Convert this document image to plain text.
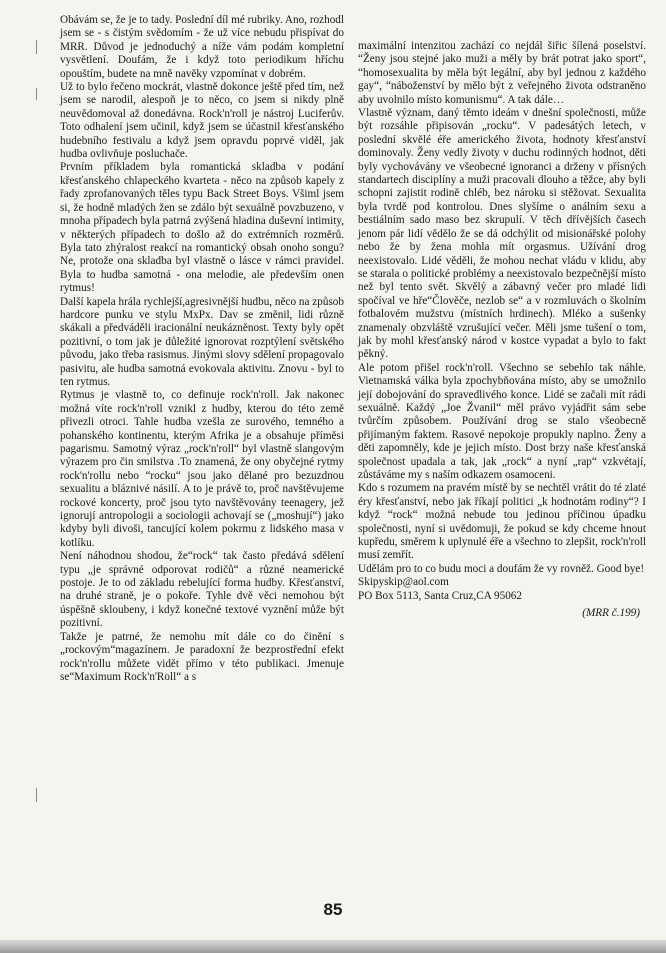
Obávám se, že je to tady. Poslední díl mé rubriky. Ano, rozhodl jsem se - s čistým svědomím - že už více nebudu přispívat do MRR. Důvod je jednoduchý a níže vám podám kompletní vysvětlení. Doufám, že i když toto periodikum hříchu opouštím, budete na mně navěky vzpomínat v dobrém.

Už to bylo řečeno mockrát, vlastně dokonce ještě před tím, než jsem se narodil, alespoň je to něco, co jsem si nikdy plně neuvědomoval až donedávna. Rock'n'roll je nástroj Luciferův. Toto odhalení jsem učinil, když jsem se účastnil křesťanského hudebního festivalu a když jsem opravdu poprvé viděl, jak hudba ovlivňuje posluchače.

Prvním příkladem byla romantická skladba v podání křesťanského chlapeckého kvarteta - něco na způsob kapely z řady zprofanovaných těles typu Back Street Boys. Všiml jsem si, že hodně mladých žen se zdálo být sexuálně povzbuzeno, v mnoha případech byla patrná zvýšená hladina duševní intimity, v některých případech to došlo až do extrémních rozměrů. Byla tato zhýralost reakcí na romantický obsah onoho songu? Ne, protože ona skladba byl vlastně o lásce v rámci pravidel. Byla to hudba samotná - ona melodie, ale především onen rytmus!

Další kapela hrála rychlejší,agresivnější hudbu, něco na způsob hardcore punku ve stylu MxPx. Dav se změnil, lidi různě skákali a předváděli iracionální neukázněnost. Texty byly opět pozitivní, o tom jak je důležité ignorovat rozptýlení světského původu, jako třeba rasismus. Jinými slovy sdělení propagovalo pasivitu, ale hudba samotná evokovala aktivitu. Znovu - byl to ten rytmus.

Rytmus je vlastně to, co definuje rock'n'roll. Jak nakonec možná víte rock'n'roll vznikl z hudby, kterou do této země přivezli otroci. Tahle hudba vzešla ze surového, temného a pohanského kontinentu, kterým Afrika je a obsahuje příměsi pagarismu. Samotný výraz „rock'n'roll“ byl vlastně slangovým výrazem pro čin smilstva .To znamená, že ony obyčejné rytmy rock'n'rollu nebo “rocku“ jsou jako dělané pro bezuzdnou sexualitu a bláznivé násilí. A to je právě to, proč navštěvujeme rockové koncerty, proč jsou tyto navštěvovány teenagery, jež ignorují antropologii a sociologii achovají se („moshují“) jako kdyby byli divoši, tancující kolem pokrmu z lidského masa v kotlíku.

Není náhodnou shodou, že“rock“ tak často předává sdělení typu „je správné odporovat rodičů“ a různé neamerické postoje. Je to od základu rebelující forma hudby. Křesťanství, na druhé straně, je o pokoře. Tyhle dvě věci nemohou být úspěšně skloubeny, i když konečné textové vyznění může být pozitivní.

Takže je patrné, že nemohu mít dále co do činění s „rockovým“magazínem. Je paradoxní že bezprostřední efekt rock'n'rollu můžete vidět přímo v této publikaci. Jmenuje se“Maximum Rock'n'Roll“ a s

maximální intenzitou zachází co nejdál šiřic šílená poselství. “Ženy jsou stejné jako muži a měly by brát potrat jako sport“, “homosexualita by měla být legální, aby byl jednou z každého gay“, “náboženství by mělo být z veřejného života odstraněno aby uvolnilo místo komunismu“. A tak dále…

Vlastně význam, daný těmto ideám v dnešní společnosti, může být rozsáhle připisován „rocku“. V padesátých letech, v poslední skvělé éře amerického života, hodnoty křesťanství dominovaly. Ženy vedly životy v duchu rodinných hodnot, děti byly vychovávány ve všeobecné ignoranci a drženy v přísných standartech disciplíny a muži pracovali dlouho a těžce, aby byli schopni zajistit rodině chléb, bez nároku si stěžovat. Sexualita byla tvrdě pod kontrolou. Dnes slyšíme o análním sexu a bestiálním sado maso bez skrupulí. V těch dřívějších časech jenom pár lidí vědělo že se dá odchýlit od misionářské polohy nebo že by žena mohla mít orgasmus. Užívání drog neexistovalo. Lidé věděli, že mohou nechat vládu v klidu, aby se starala o politické problémy a neexistovalo bezpečnější místo než byl tento svět. Skvělý a zábavný večer pro mladé lidi spočíval ve hře“Člověče, nezlob se“ a v rozmluvách o školním fotbalovém mužstvu (místních hrdinech). Mléko a sušenky znamenaly obzvláště vzrušující večer. Měli jsme tušení o tom, jak by mohl křesťanský národ v kostce vypadat a bylo to fakt pěkný.

Ale potom přišel rock'n'roll. Všechno se sebehlo tak náhle. Vietnamská válka byla zpochybňována místo, aby se umožnilo její dobojování do spravedlivého konce. Lidé se začali mít rádi sexuálně. Každý „Joe Žvanil“ měl právo vyjádřit sám sebe tvůrčím způsobem. Používání drog se stalo všeobecně přijímaným faktem. Rasové nepokoje propukly naplno. Ženy a děti zapomněly, kde je jejich místo. Dost brzy naše křesťanská společnost upadala a tak, jak „rock“ a nyní „rap“ vzkvétají, zůstáváme my s naším odkazem osamoceni.

Kdo s rozumem na pravém místě by se nechtěl vrátit do té zlaté éry křesťanství, nebo jak říkají politici „k hodnotám rodiny“? I když “rock“ možná nebude tou jedinou příčinou úpadku společnosti, nyní si uvědomuji, že pokud se kdy chceme hnout kupředu, směrem k uplynulé éře a všechno to zlepšit, rock'n'roll musí zemřít.

Udělám pro to co budu moci a doufám že vy rovněž. Good bye!

Skipyskip@aol.com

PO Box 5113, Santa Cruz,CA 95062

(MRR č.199)

85
